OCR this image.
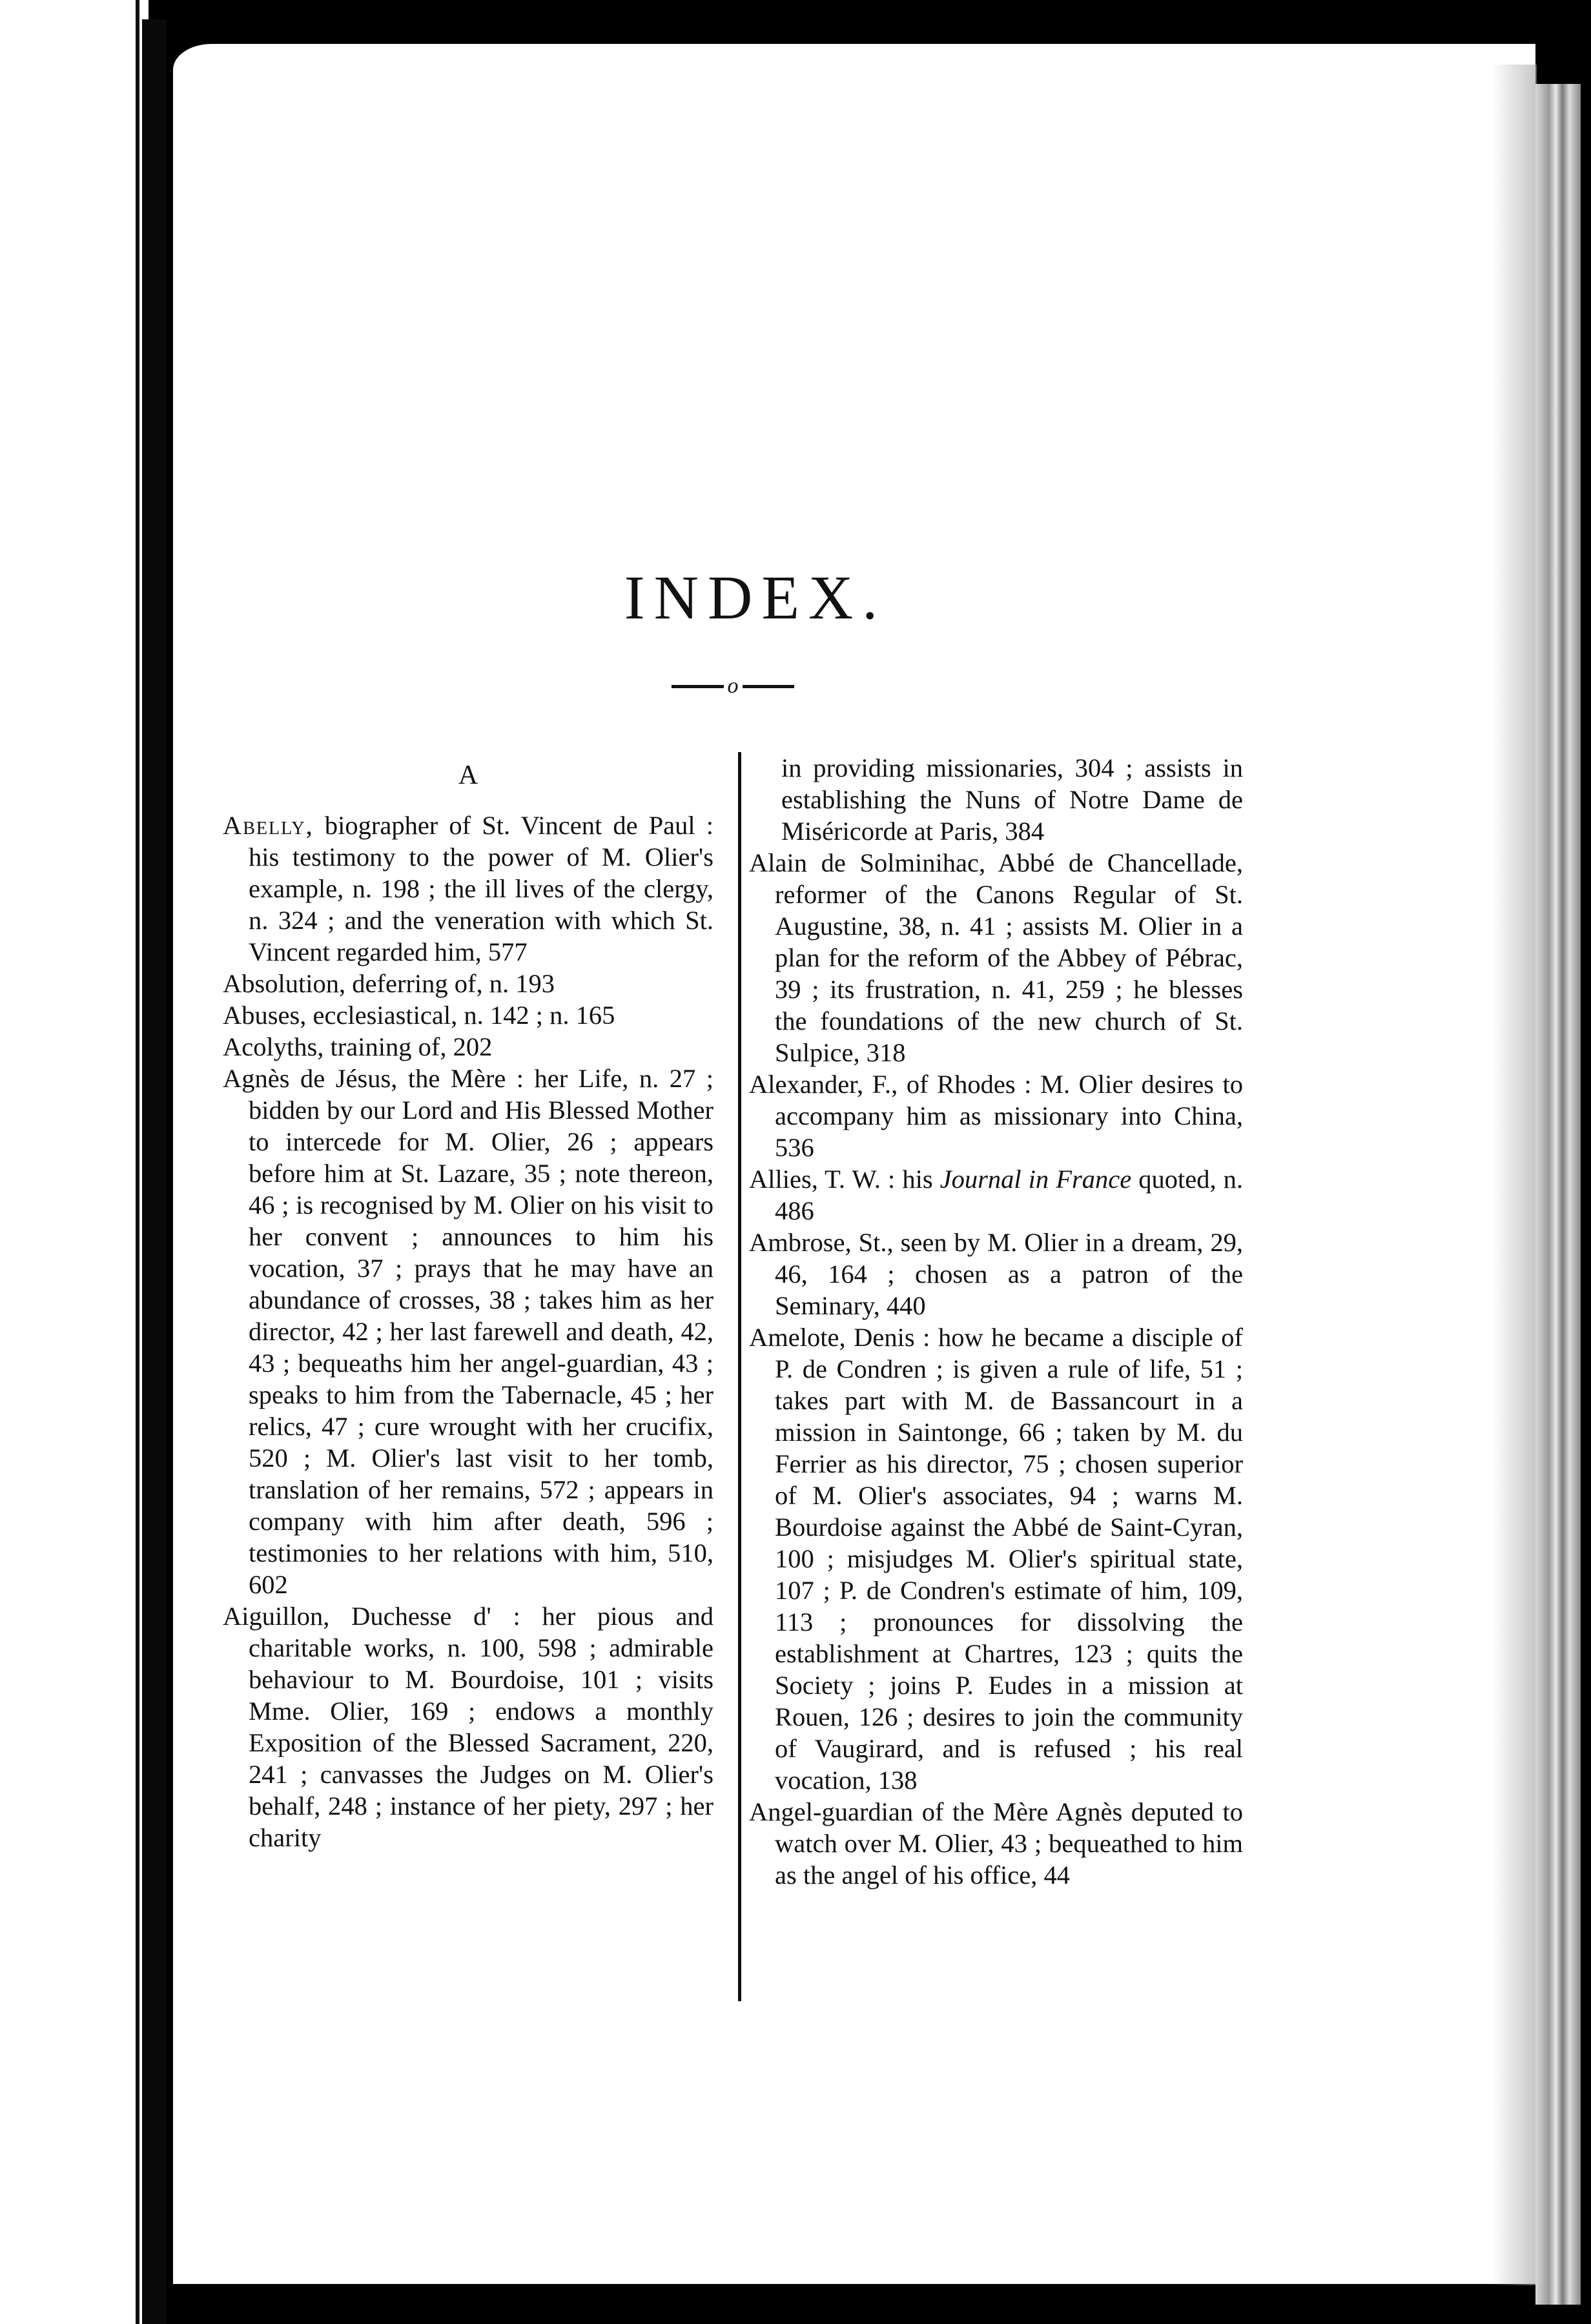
INDEX.
o
A

Abelly, biographer of St. Vincent de Paul : his testimony to the power of M. Olier's example, n. 198 ; the ill lives of the clergy, n. 324 ; and the veneration with which St. Vincent regarded him, 577

Absolution, deferring of, n. 193

Abuses, ecclesiastical, n. 142 ; n. 165

Acolyths, training of, 202

Agnès de Jésus, the Mère : her Life, n. 27 ; bidden by our Lord and His Blessed Mother to intercede for M. Olier, 26 ; appears before him at St. Lazare, 35 ; note thereon, 46 ; is recognised by M. Olier on his visit to her convent ; announces to him his vocation, 37 ; prays that he may have an abundance of crosses, 38 ; takes him as her director, 42 ; her last farewell and death, 42, 43 ; bequeaths him her angel-guardian, 43 ; speaks to him from the Tabernacle, 45 ; her relics, 47 ; cure wrought with her crucifix, 520 ; M. Olier's last visit to her tomb, translation of her remains, 572 ; appears in company with him after death, 596 ; testimonies to her relations with him, 510, 602

Aiguillon, Duchesse d' : her pious and charitable works, n. 100, 598 ; admirable behaviour to M. Bourdoise, 101 ; visits Mme. Olier, 169 ; endows a monthly Exposition of the Blessed Sacrament, 220, 241 ; canvasses the Judges on M. Olier's behalf, 248 ; instance of her piety, 297 ; her charity

in providing missionaries, 304 ; assists in establishing the Nuns of Notre Dame de Miséricorde at Paris, 384

Alain de Solminihac, Abbé de Chancellade, reformer of the Canons Regular of St. Augustine, 38, n. 41 ; assists M. Olier in a plan for the reform of the Abbey of Pébrac, 39 ; its frustration, n. 41, 259 ; he blesses the foundations of the new church of St. Sulpice, 318

Alexander, F., of Rhodes : M. Olier desires to accompany him as missionary into China, 536

Allies, T. W. : his Journal in France quoted, n. 486

Ambrose, St., seen by M. Olier in a dream, 29, 46, 164 ; chosen as a patron of the Seminary, 440

Amelote, Denis : how he became a disciple of P. de Condren ; is given a rule of life, 51 ; takes part with M. de Bassancourt in a mission in Saintonge, 66 ; taken by M. du Ferrier as his director, 75 ; chosen superior of M. Olier's associates, 94 ; warns M. Bourdoise against the Abbé de Saint-Cyran, 100 ; misjudges M. Olier's spiritual state, 107 ; P. de Condren's estimate of him, 109, 113 ; pronounces for dissolving the establishment at Chartres, 123 ; quits the Society ; joins P. Eudes in a mission at Rouen, 126 ; desires to join the community of Vaugirard, and is refused ; his real vocation, 138

Angel-guardian of the Mère Agnès deputed to watch over M. Olier, 43 ; bequeathed to him as the angel of his office, 44
